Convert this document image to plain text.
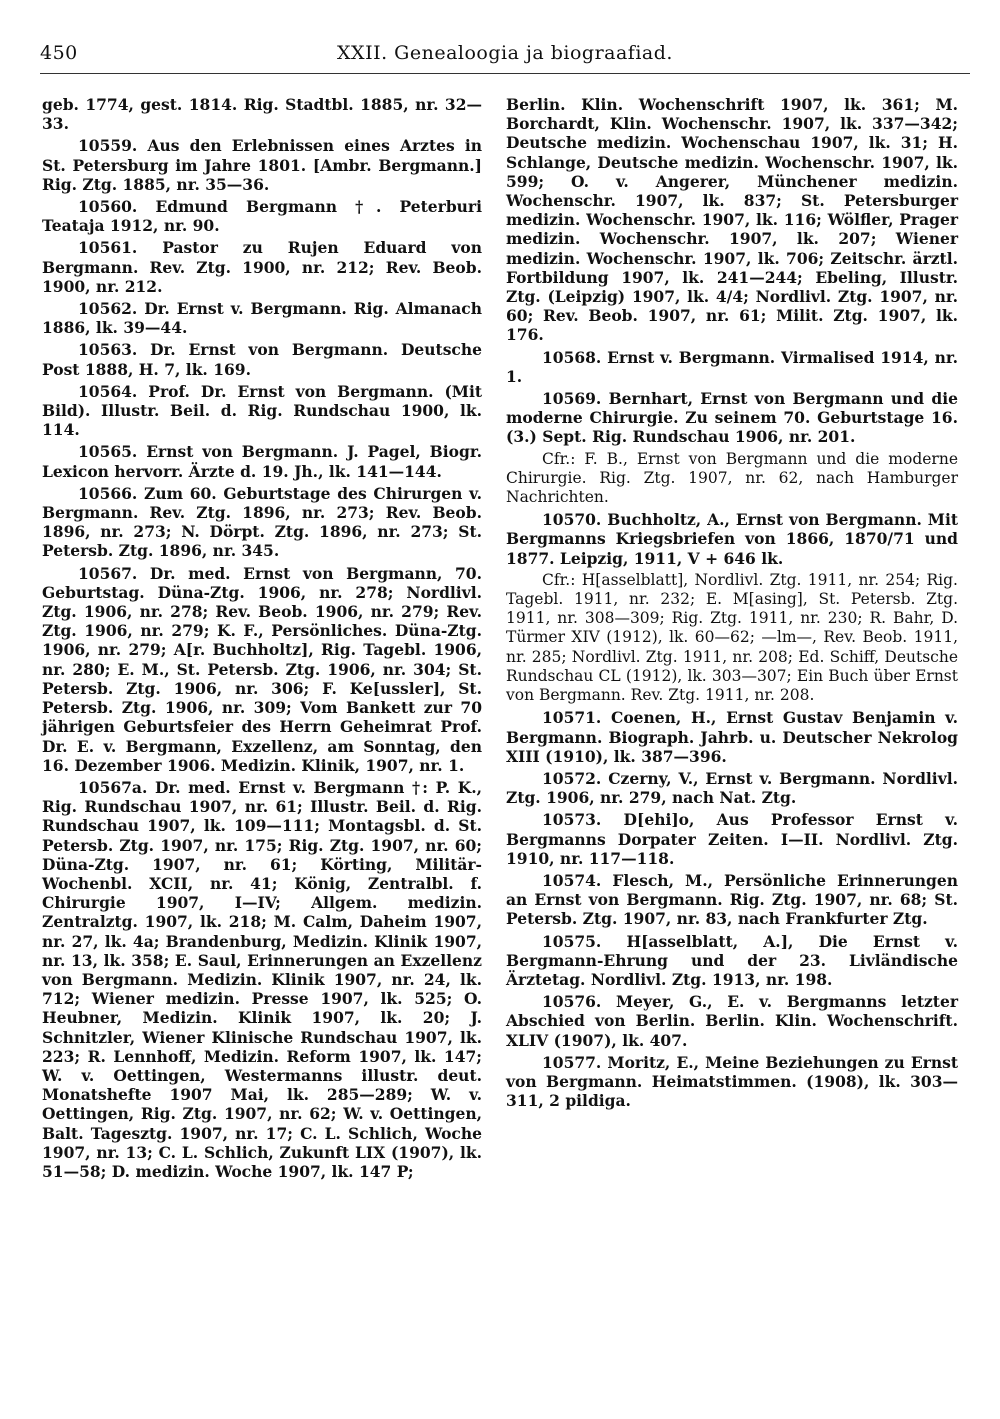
450	XXII. Genealoogia ja biograafiad.

geb. 1774, gest. 1814. Rig. Stadtbl. 1885, nr. 32—33.

10559. Aus den Erlebnissen eines Arztes in St. Petersburg im Jahre 1801. [Ambr. Bergmann.] Rig. Ztg. 1885, nr. 35—36.

10560. Edmund Bergmann †. Peterburi Teataja 1912, nr. 90.

10561. Pastor zu Rujen Eduard von Bergmann. Rev. Ztg. 1900, nr. 212; Rev. Beob. 1900, nr. 212.

10562. Dr. Ernst v. Bergmann. Rig. Almanach 1886, lk. 39—44.

10563. Dr. Ernst von Bergmann. Deutsche Post 1888, H. 7, lk. 169.

10564. Prof. Dr. Ernst von Bergmann. (Mit Bild). Illustr. Beil. d. Rig. Rundschau 1900, lk. 114.

10565. Ernst von Bergmann. J. Pagel, Biogr. Lexicon hervorr. Ärzte d. 19. Jh., lk. 141—144.

10566. Zum 60. Geburtstage des Chirurgen v. Bergmann. Rev. Ztg. 1896, nr. 273; Rev. Beob. 1896, nr. 273; N. Dörpt. Ztg. 1896, nr. 273; St. Petersb. Ztg. 1896, nr. 345.

10567. Dr. med. Ernst von Bergmann, 70. Geburtstag. Düna-Ztg. 1906, nr. 278; Nordlivl. Ztg. 1906, nr. 278; Rev. Beob. 1906, nr. 279; Rev. Ztg. 1906, nr. 279; K. F., Persönliches. Düna-Ztg. 1906, nr. 279; A[r. Buchholtz], Rig. Tagebl. 1906, nr. 280; E. M., St. Petersb. Ztg. 1906, nr. 304; St. Petersb. Ztg. 1906, nr. 306; F. Ke[ussler], St. Petersb. Ztg. 1906, nr. 309; Vom Bankett zur 70 jährigen Geburtsfeier des Herrn Geheimrat Prof. Dr. E. v. Bergmann, Exzellenz, am Sonntag, den 16. Dezember 1906. Medizin. Klinik, 1907, nr. 1.

10567a. Dr. med. Ernst v. Bergmann †: P. K., Rig. Rundschau 1907, nr. 61; Illustr. Beil. d. Rig. Rundschau 1907, lk. 109—111; Montagsbl. d. St. Petersb. Ztg. 1907, nr. 175; Rig. Ztg. 1907, nr. 60; Düna-Ztg. 1907, nr. 61; Körting, Militär-Wochenbl. XCII, nr. 41; König, Zentralbl. f. Chirurgie 1907, I—IV; Allgem. medizin. Zentralztg. 1907, lk. 218; M. Calm, Daheim 1907, nr. 27, lk. 4a; Brandenburg, Medizin. Klinik 1907, nr. 13, lk. 358; E. Saul, Erinnerungen an Exzellenz von Bergmann. Medizin. Klinik 1907, nr. 24, lk. 712; Wiener medizin. Presse 1907, lk. 525; O. Heubner, Medizin. Klinik 1907, lk. 20; J. Schnitzler, Wiener Klinische Rundschau 1907, lk. 223; R. Lennhoff, Medizin. Reform 1907, lk. 147; W. v. Oettingen, Westermanns illustr. deut. Monatshefte 1907 Mai, lk. 285—289; W. v. Oettingen, Rig. Ztg. 1907, nr. 62; W. v. Oettingen, Balt. Tagesztg. 1907, nr. 17; C. L. Schlich, Woche 1907, nr. 13; C. L. Schlich, Zukunft LIX (1907), lk. 51—58; D. medizin. Woche 1907, lk. 147 P;

Berlin. Klin. Wochenschrift 1907, lk. 361; M. Borchardt, Klin. Wochenschr. 1907, lk. 337—342; Deutsche medizin. Wochenschau 1907, lk. 31; H. Schlange, Deutsche medizin. Wochenschr. 1907, lk. 599; O. v. Angerer, Münchener medizin. Wochenschr. 1907, lk. 837; St. Petersburger medizin. Wochenschr. 1907, lk. 116; Wölfler, Prager medizin. Wochenschr. 1907, lk. 207; Wiener medizin. Wochenschr. 1907, lk. 706; Zeitschr. ärztl. Fortbildung 1907, lk. 241—244; Ebeling, Illustr. Ztg. (Leipzig) 1907, lk. 4/4; Nordlivl. Ztg. 1907, nr. 60; Rev. Beob. 1907, nr. 61; Milit. Ztg. 1907, lk. 176.

10568. Ernst v. Bergmann. Virmalised 1914, nr. 1.

10569. Bernhart, Ernst von Bergmann und die moderne Chirurgie. Zu seinem 70. Geburtstage 16. (3.) Sept. Rig. Rundschau 1906, nr. 201.

Cfr.: F. B., Ernst von Bergmann und die moderne Chirurgie. Rig. Ztg. 1907, nr. 62, nach Hamburger Nachrichten.

10570. Buchholtz, A., Ernst von Bergmann. Mit Bergmanns Kriegsbriefen von 1866, 1870/71 und 1877. Leipzig, 1911, V + 646 lk.

Cfr.: H[asselblatt], Nordlivl. Ztg. 1911, nr. 254; Rig. Tagebl. 1911, nr. 232; E. M[asing], St. Petersb. Ztg. 1911, nr. 308—309; Rig. Ztg. 1911, nr. 230; R. Bahr, D. Türmer XIV (1912), lk. 60—62; —lm—, Rev. Beob. 1911, nr. 285; Nordlivl. Ztg. 1911, nr. 208; Ed. Schiff, Deutsche Rundschau CL (1912), lk. 303—307; Ein Buch über Ernst von Bergmann. Rev. Ztg. 1911, nr. 208.

10571. Coenen, H., Ernst Gustav Benjamin v. Bergmann. Biograph. Jahrb. u. Deutscher Nekrolog XIII (1910), lk. 387—396.

10572. Czerny, V., Ernst v. Bergmann. Nordlivl. Ztg. 1906, nr. 279, nach Nat. Ztg.

10573. D[ehi]o, Aus Professor Ernst v. Bergmanns Dorpater Zeiten. I—II. Nordlivl. Ztg. 1910, nr. 117—118.

10574. Flesch, M., Persönliche Erinnerungen an Ernst von Bergmann. Rig. Ztg. 1907, nr. 68; St. Petersb. Ztg. 1907, nr. 83, nach Frankfurter Ztg.

10575. H[asselblatt, A.], Die Ernst v. Bergmann-Ehrung und der 23. Livländische Ärztetag. Nordlivl. Ztg. 1913, nr. 198.

10576. Meyer, G., E. v. Bergmanns letzter Abschied von Berlin. Berlin. Klin. Wochenschrift. XLIV (1907), lk. 407.

10577. Moritz, E., Meine Beziehungen zu Ernst von Bergmann. Heimatstimmen. (1908), lk. 303—311, 2 pildiga.
